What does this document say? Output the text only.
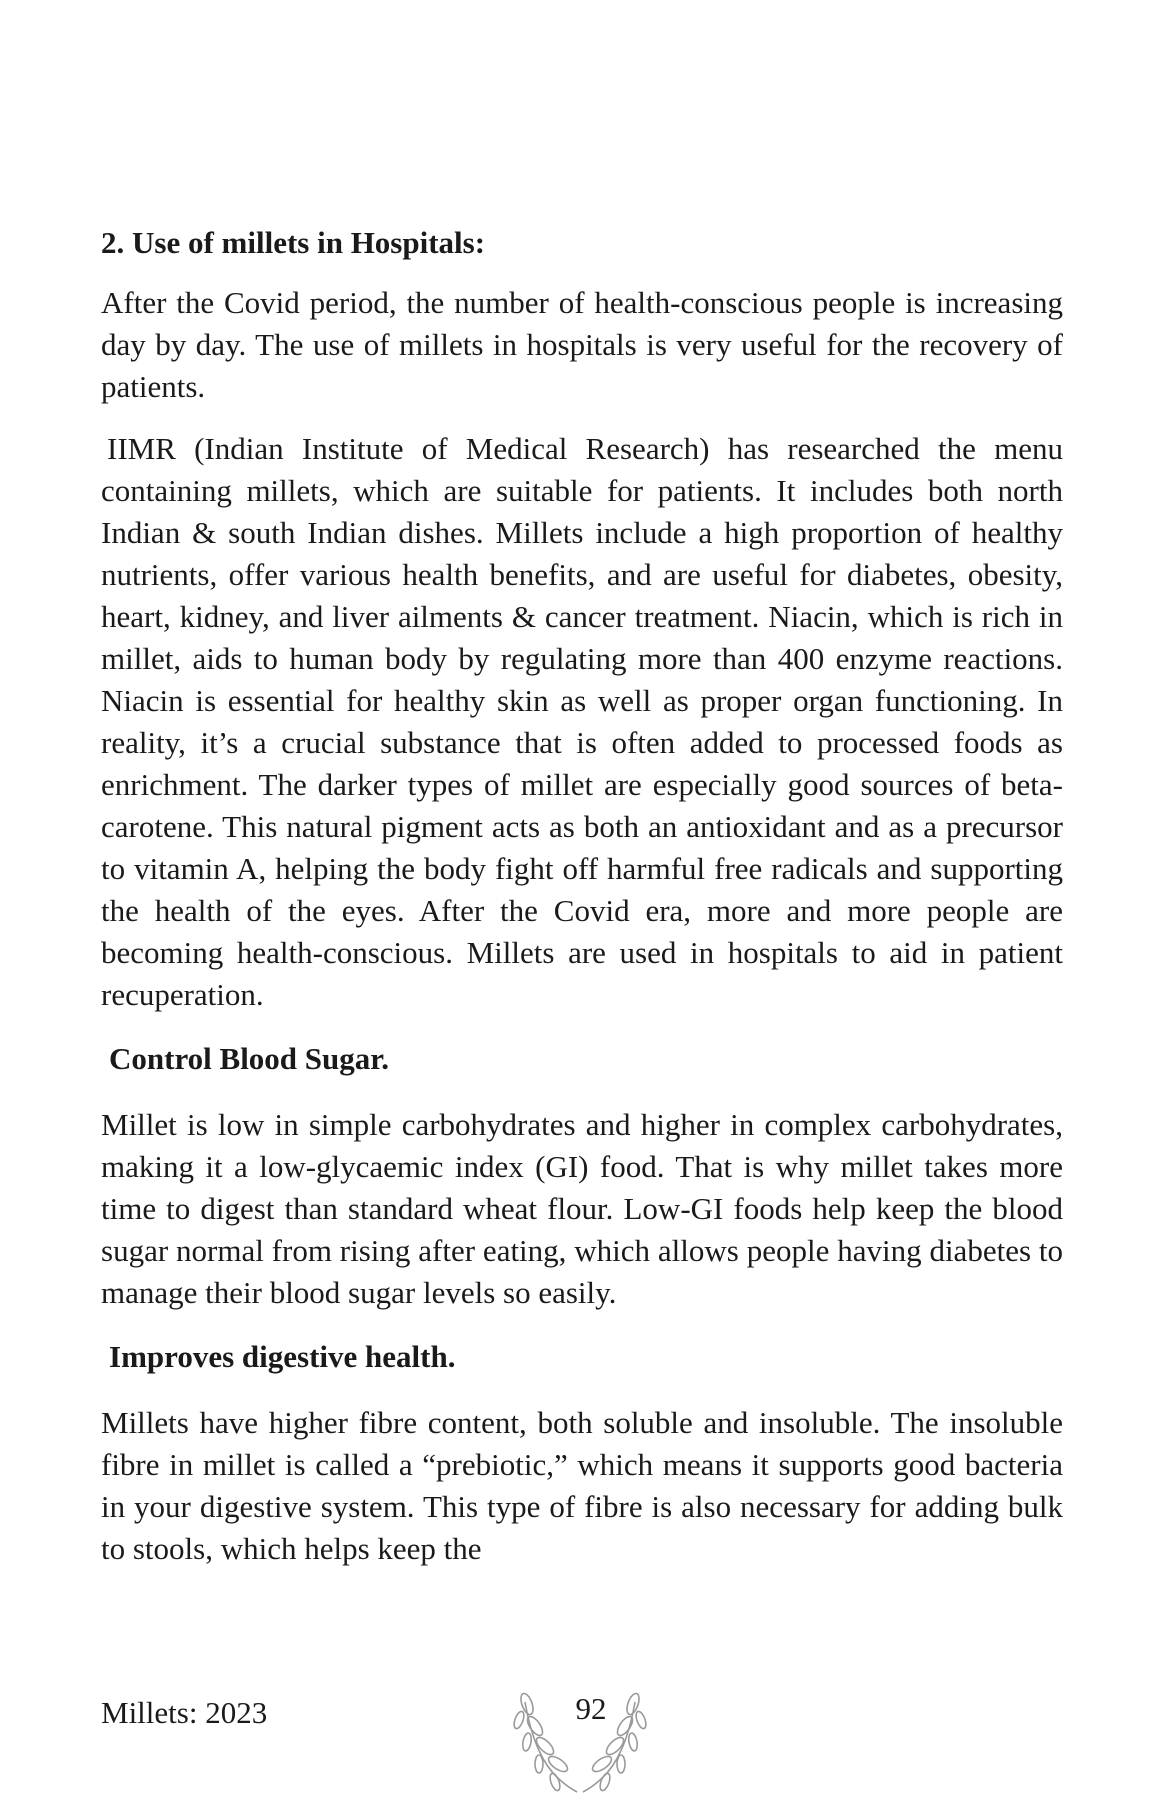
2. Use of millets in Hospitals:

After the Covid period, the number of health-conscious people is increasing day by day. The use of millets in hospitals is very useful for the recovery of patients.

IIMR (Indian Institute of Medical Research) has researched the menu containing millets, which are suitable for patients. It includes both north Indian & south Indian dishes. Millets include a high proportion of healthy nutrients, offer various health benefits, and are useful for diabetes, obesity, heart, kidney, and liver ailments & cancer treatment. Niacin, which is rich in millet, aids to human body by regulating more than 400 enzyme reactions. Niacin is essential for healthy skin as well as proper organ functioning. In reality, it’s a crucial substance that is often added to processed foods as enrichment. The darker types of millet are especially good sources of beta-carotene. This natural pigment acts as both an antioxidant and as a precursor to vitamin A, helping the body fight off harmful free radicals and supporting the health of the eyes. After the Covid era, more and more people are becoming health-conscious. Millets are used in hospitals to aid in patient recuperation.

Control Blood Sugar.

Millet is low in simple carbohydrates and higher in complex carbohydrates, making it a low-glycaemic index (GI) food. That is why millet takes more time to digest than standard wheat flour. Low-GI foods help keep the blood sugar normal from rising after eating, which allows people having diabetes to manage their blood sugar levels so easily.

Improves digestive health.

Millets have higher fibre content, both soluble and insoluble. The insoluble fibre in millet is called a “prebiotic,” which means it supports good bacteria in your digestive system. This type of fibre is also necessary for adding bulk to stools, which helps keep the

Millets: 2023	92
